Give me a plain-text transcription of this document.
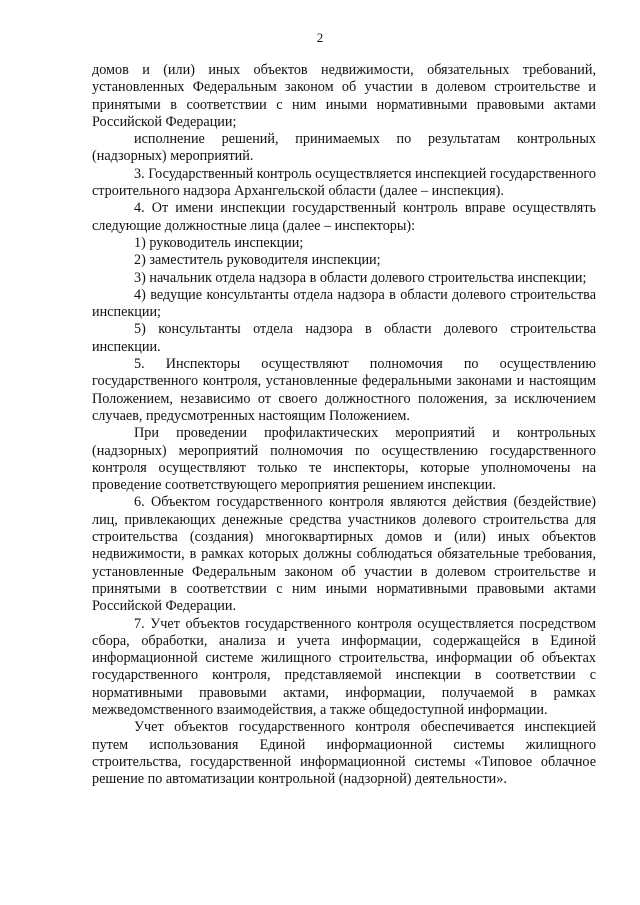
2

домов и (или) иных объектов недвижимости, обязательных требований, установленных Федеральным законом об участии в долевом строительстве и принятыми в соответствии с ним иными нормативными правовыми актами Российской Федерации;

исполнение решений, принимаемых по результатам контрольных (надзорных) мероприятий.

3. Государственный контроль осуществляется инспекцией государственного строительного надзора Архангельской области (далее – инспекция).

4. От имени инспекции государственный контроль вправе осуществлять следующие должностные лица (далее – инспекторы):

1) руководитель инспекции;

2) заместитель руководителя инспекции;

3) начальник отдела надзора в области долевого строительства инспекции;

4) ведущие консультанты отдела надзора в области долевого строительства инспекции;

5) консультанты отдела надзора в области долевого строительства инспекции.

5. Инспекторы осуществляют полномочия по осуществлению государственного контроля, установленные федеральными законами и настоящим Положением, независимо от своего должностного положения, за исключением случаев, предусмотренных настоящим Положением.

При проведении профилактических мероприятий и контрольных (надзорных) мероприятий полномочия по осуществлению государственного контроля осуществляют только те инспекторы, которые уполномочены на проведение соответствующего мероприятия решением инспекции.

6. Объектом государственного контроля являются действия (бездействие) лиц, привлекающих денежные средства участников долевого строительства для строительства (создания) многоквартирных домов и (или) иных объектов недвижимости, в рамках которых должны соблюдаться обязательные требования, установленные Федеральным законом об участии в долевом строительстве и принятыми в соответствии с ним иными нормативными правовыми актами Российской Федерации.

7. Учет объектов государственного контроля осуществляется посредством сбора, обработки, анализа и учета информации, содержащейся в Единой информационной системе жилищного строительства, информации об объектах государственного контроля, представляемой инспекции в соответствии с нормативными правовыми актами, информации, получаемой в рамках межведомственного взаимодействия, а также общедоступной информации.

Учет объектов государственного контроля обеспечивается инспекцией путем использования Единой информационной системы жилищного строительства, государственной информационной системы «Типовое облачное решение по автоматизации контрольной (надзорной) деятельности».
